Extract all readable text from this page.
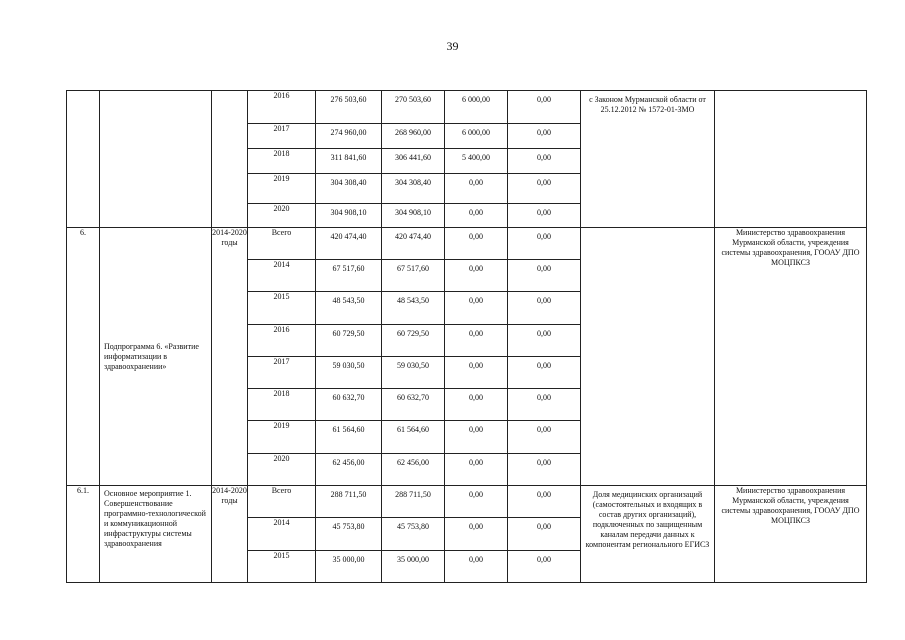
39
			2016	276 503,60	270 503,60	6 000,00	0,00	с Законом Мурманской области от 25.12.2012 № 1572-01-ЗМО	
			2017	274 960,00	268 960,00	6 000,00	0,00		
			2018	311 841,60	306 441,60	5 400,00	0,00		
			2019	304 308,40	304 308,40	0,00	0,00		
			2020	304 908,10	304 908,10	0,00	0,00		
6.	Подпрограмма 6. «Развитие информатизации в здравоохранении»	2014-2020 годы	Всего	420 474,40	420 474,40	0,00	0,00		Министерство здравоохранения Мурманской области, учреждения системы здравоохранения, ГООАУ ДПО МОЦПКСЗ
			2014	67 517,60	67 517,60	0,00	0,00		
			2015	48 543,50	48 543,50	0,00	0,00		
			2016	60 729,50	60 729,50	0,00	0,00		
			2017	59 030,50	59 030,50	0,00	0,00		
			2018	60 632,70	60 632,70	0,00	0,00		
			2019	61 564,60	61 564,60	0,00	0,00		
			2020	62 456,00	62 456,00	0,00	0,00		
6.1.	Основное мероприятие 1. Совершенствование программно-технологической и коммуникационной инфраструктуры системы здравоохранения	2014-2020 годы	Всего	288 711,50	288 711,50	0,00	0,00	Доля медицинских организаций (самостоятельных и входящих в состав других организаций), подключенных по защищенным каналам передачи данных к компонентам регионального ЕГИСЗ	Министерство здравоохранения Мурманской области, учреждения системы здравоохранения, ГООАУ ДПО МОЦПКСЗ
			2014	45 753,80	45 753,80	0,00	0,00		
			2015	35 000,00	35 000,00	0,00	0,00		
